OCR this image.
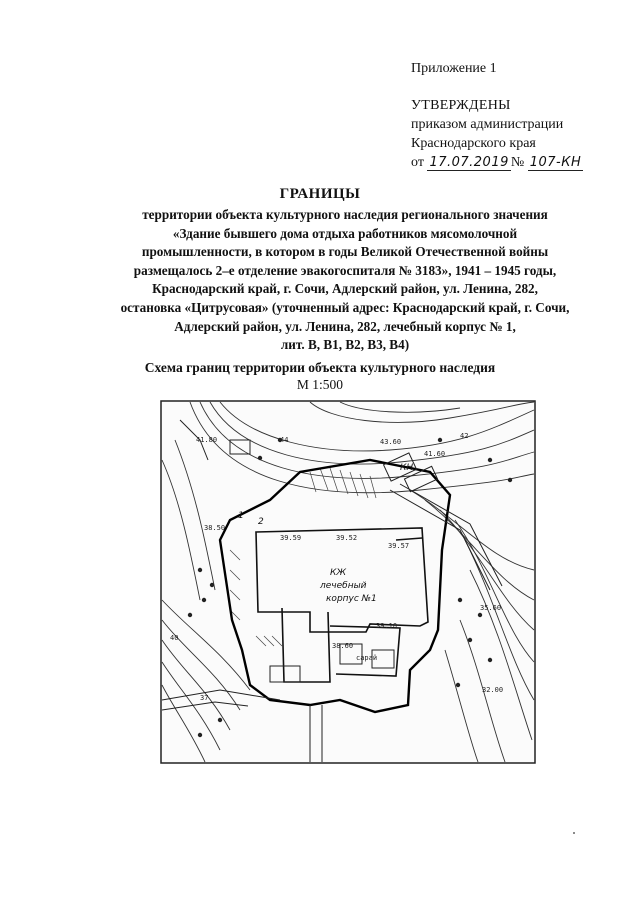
Приложение 1
УТВЕРЖДЕНЫ
приказом администрации
Краснодарского края
от 17.07.2019 № 107-КН
ГРАНИЦЫ
территории объекта культурного наследия регионального значения
«Здание бывшего дома отдыха работников мясомолочной
промышленности, в котором в годы Великой Отечественной войны
размещалось 2–е отделение эвакогоспиталя № 3183», 1941 – 1945 годы,
Краснодарский край, г. Сочи, Адлерский район, ул. Ленина, 282,
остановка «Цитрусовая» (уточненный адрес: Краснодарский край, г. Сочи,
Адлерский район, ул. Ленина, 282, лечебный корпус № 1,
лит. В, В1, В2, В3, В4)
Схема границ территории объекта культурного наследия
М 1:500
КЖ
лечебный
корпус №1
КН
1
2
сарай
39.59	39.52
39.57
41.80	43.60
41.60
38.50
39.10
38.60
32.00
35.60
44	42
40
37
